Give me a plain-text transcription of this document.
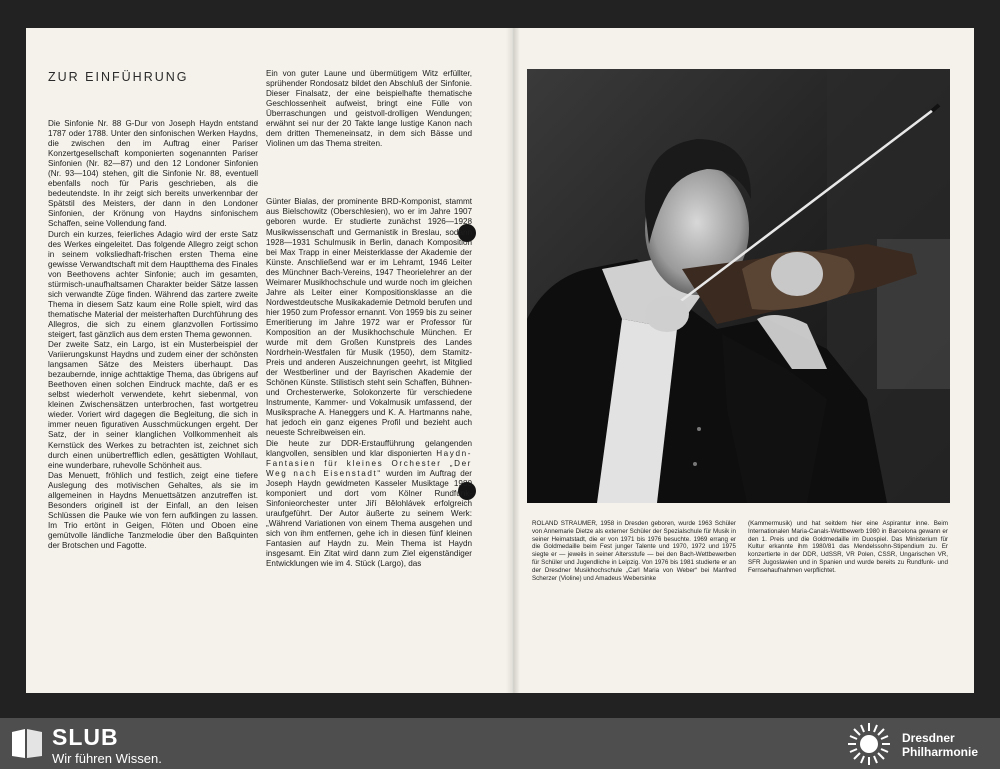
ZUR EINFÜHRUNG

Die Sinfonie Nr. 88 G-Dur von Joseph Haydn entstand 1787 oder 1788. Unter den sinfonischen Werken Haydns, die zwischen den im Auftrag einer Pariser Konzertgesellschaft komponierten sogenannten Pariser Sinfonien (Nr. 82—87) und den 12 Londoner Sinfonien (Nr. 93—104) stehen, gilt die Sinfonie Nr. 88, eventuell ebenfalls noch für Paris geschrieben, als die bedeutendste. In ihr zeigt sich bereits unverkennbar der Spätstil des Meisters, der dann in den Londoner Sinfonien, der Krönung von Haydns sinfonischem Schaffen, seine Vollendung fand.

Durch ein kurzes, feierliches Adagio wird der erste Satz des Werkes eingeleitet. Das folgende Allegro zeigt schon in seinem volksliedhaft-frischen ersten Thema eine gewisse Verwandtschaft mit dem Hauptthema des Finales von Beethovens achter Sinfonie; auch im gesamten, stürmisch-unaufhaltsamen Charakter beider Sätze lassen sich verwandte Züge finden. Während das zartere zweite Thema in diesem Satz kaum eine Rolle spielt, wird das thematische Material der meisterhaften Durchführung des Allegros, die sich zu einem glanzvollen Fortissimo steigert, fast gänzlich aus dem ersten Thema gewonnen.

Der zweite Satz, ein Largo, ist ein Musterbeispiel der Variierungskunst Haydns und zudem einer der schönsten langsamen Sätze des Meisters überhaupt. Das bezaubernde, innige achttaktige Thema, das übrigens auf Beethoven einen solchen Eindruck machte, daß er es selbst wiederholt verwendete, kehrt siebenmal, von kleinen Zwischensätzen unterbrochen, fast wortgetreu wieder. Voriert wird dagegen die Begleitung, die sich in immer neuen figurativen Ausschmückungen ergeht. Der Satz, der in seiner klanglichen Vollkommenheit als Kernstück des Werkes zu betrachten ist, zeichnet sich durch einen unübertrefflich edlen, gesättigten Wohllaut, eine wunderbare, ruhevolle Schönheit aus.

Das Menuett, fröhlich und festlich, zeigt eine tiefere Auslegung des motivischen Gehaltes, als sie im allgemeinen in Haydns Menuettsätzen anzutreffen ist. Besonders originell ist der Einfall, an den leisen Schlüssen die Pauke wie von fern aufklingen zu lassen. Im Trio ertönt in Geigen, Flöten und Oboen eine gemütvolle ländliche Tanzmelodie über den Baßquinten der Brotschen und Fagotte.

Ein von guter Laune und übermütigem Witz erfüllter, sprühender Rondosatz bildet den Abschluß der Sinfonie. Dieser Finalsatz, der eine beispielhafte thematische Geschlossenheit aufweist, bringt eine Fülle von Überraschungen und geistvoll-drolligen Wendungen; erwähnt sei nur der 20 Takte lange lustige Kanon nach dem dritten Themeneinsatz, in dem sich Bässe und Violinen um das Thema streiten.

Günter Bialas, der prominente BRD-Komponist, stammt aus Bielschowitz (Oberschlesien), wo er im Jahre 1907 geboren wurde. Er studierte zunächst 1926—1928 Musikwissenschaft und Germanistik in Breslau, sodann 1928—1931 Schulmusik in Berlin, danach Komposition bei Max Trapp in einer Meisterklasse der Akademie der Künste. Anschließend war er im Lehramt, 1946 Leiter des Münchner Bach-Vereins, 1947 Theorielehrer an der Weimarer Musikhochschule und wurde noch im gleichen Jahre als Leiter einer Kompositionsklasse an die Nordwestdeutsche Musikakademie Detmold berufen und hier 1950 zum Professor ernannt. Von 1959 bis zu seiner Emeritierung im Jahre 1972 war er Professor für Komposition an der Musikhochschule München. Er wurde mit dem Großen Kunstpreis des Landes Nordrhein-Westfalen für Musik (1950), dem Stamitz-Preis und anderen Auszeichnungen geehrt, ist Mitglied der Westberliner und der Bayrischen Akademie der Schönen Künste. Stilistisch steht sein Schaffen, Bühnen- und Orchesterwerke, Solokonzerte für verschiedene Instrumente, Kammer- und Vokalmusik umfassend, der Musiksprache A. Haneggers und K. A. Hartmanns nahe, hat jedoch ein ganz eigenes Profil und bezieht auch neueste Schreibweisen ein.

Die heute zur DDR-Erstaufführung gelangenden klangvollen, sensiblen und klar disponierten Haydn-Fantasien für kleines Orchester „Der Weg nach Eisenstadt“ wurden im Auftrag der Joseph Haydn gewidmeten Kasseler Musiktage 1980 komponiert und dort vom Kölner Rundfunk-Sinfonieorchester unter Jiří Bělohlávek erfolgreich uraufgeführt. Der Autor äußerte zu seinem Werk: „Während Variationen von einem Thema ausgehen und sich von ihm entfernen, gehe ich in diesen fünf kleinen Fantasien auf Haydn zu. Mein Thema ist Haydn insgesamt. Ein Zitat wird dann zum Ziel eigenständiger Entwicklungen wie im 4. Stück (Largo), das

ROLAND STRAUMER, 1958 in Dresden geboren, wurde 1963 Schüler von Annemarie Dietze als externer Schüler der Spezialschule für Musik in seiner Heimatstadt, die er von 1971 bis 1976 besuchte. 1969 errang er die Goldmedaille beim Fest junger Talente und 1970, 1972 und 1975 siegte er — jeweils in seiner Altersstufe — bei den Bach-Wettbewerben für Schüler und Jugendliche in Leipzig. Von 1976 bis 1981 studierte er an der Dresdner Musikhochschule „Carl Maria von Weber“ bei Manfred Scherzer (Violine) und Amadeus Webersinke
(Kammermusik) und hat seitdem hier eine Aspirantur inne. Beim Internationalen Maria-Canals-Wettbewerb 1980 in Barcelona gewann er den 1. Preis und die Goldmedaille im Duospiel. Das Ministerium für Kultur erkannte ihm 1980/81 das Mendelssohn-Stipendium zu. Er konzertierte in der DDR, UdSSR, VR Polen, CSSR, Ungarischen VR, SFR Jugoslawien und in Spanien und wurde bereits zu Rundfunk- und Fernsehaufnahmen verpflichtet.
SLUB
Wir führen Wissen.
Dresdner
Philharmonie
